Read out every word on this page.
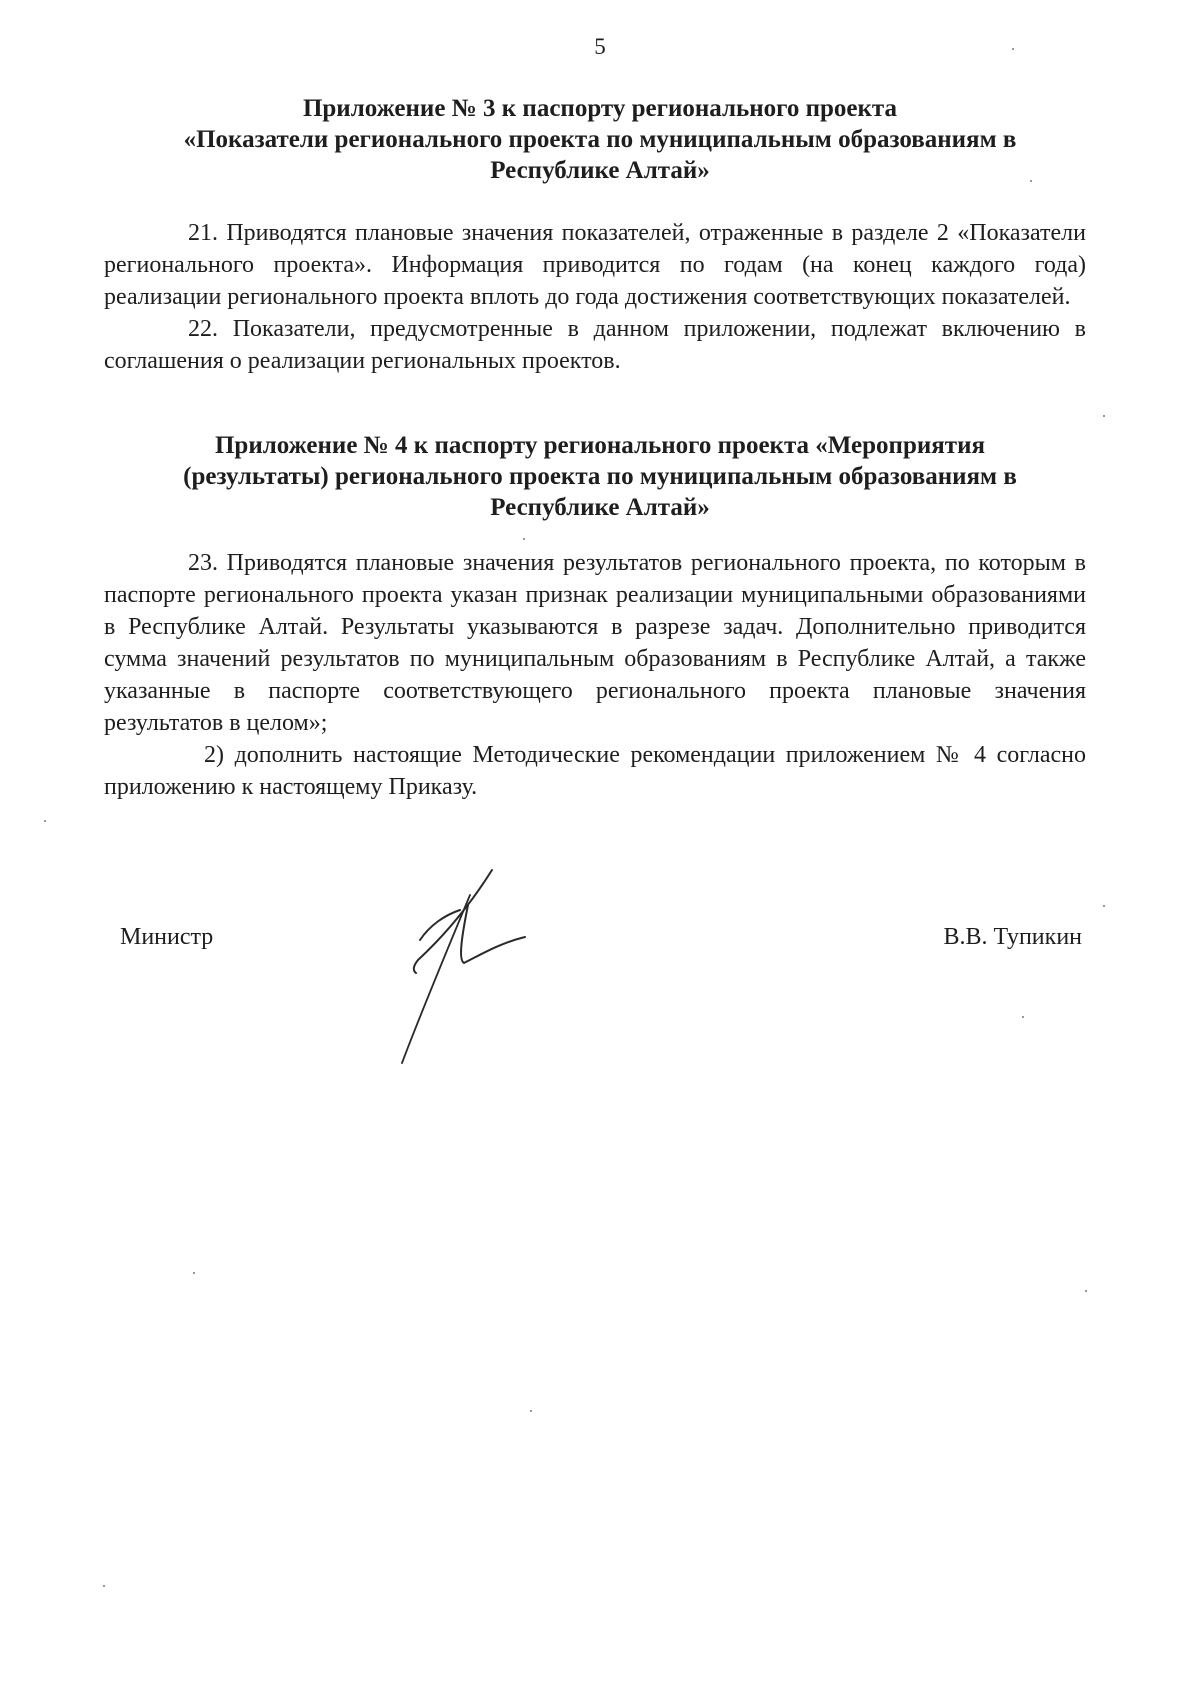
5
Приложение № 3 к паспорту регионального проекта
«Показатели регионального проекта по муниципальным образованиям в
Республике Алтай»

21. Приводятся плановые значения показателей, отраженные в разделе 2 «Показатели регионального проекта». Информация приводится по годам (на конец каждого года) реализации регионального проекта вплоть до года достижения соответствующих показателей.

22. Показатели, предусмотренные в данном приложении, подлежат включению в соглашения о реализации региональных проектов.

Приложение № 4 к паспорту регионального проекта «Мероприятия
(результаты) регионального проекта по муниципальным образованиям в
Республике Алтай»

23. Приводятся плановые значения результатов регионального проекта, по которым в паспорте регионального проекта указан признак реализации муниципальными образованиями в Республике Алтай. Результаты указываются в разрезе задач. Дополнительно приводится сумма значений результатов по муниципальным образованиям в Республике Алтай, а также указанные в паспорте соответствующего регионального проекта плановые значения результатов в целом»;

2) дополнить настоящие Методические рекомендации приложением № 4 согласно приложению к настоящему Приказу.

Министр	В.В. Тупикин
